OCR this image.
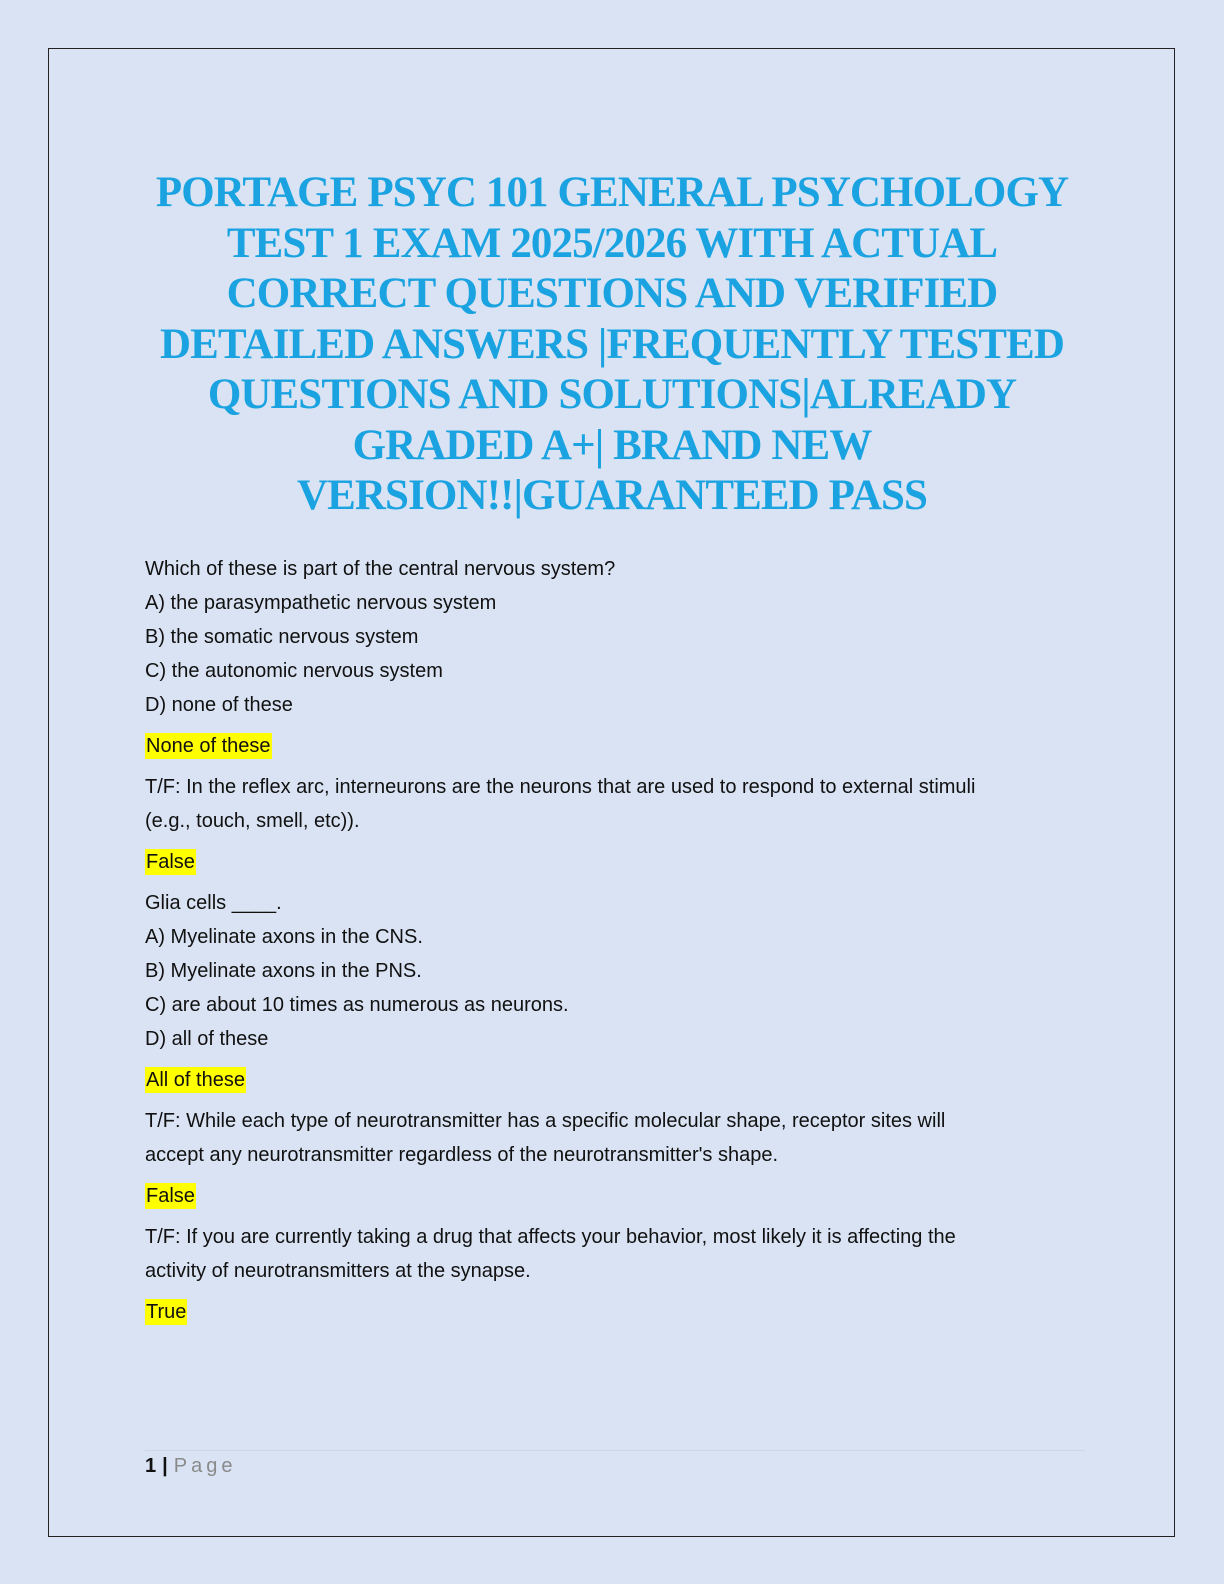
PORTAGE PSYC 101 GENERAL PSYCHOLOGY
TEST 1 EXAM 2025/2026 WITH ACTUAL
CORRECT QUESTIONS AND VERIFIED
DETAILED ANSWERS |FREQUENTLY TESTED
QUESTIONS AND SOLUTIONS|ALREADY
GRADED A+| BRAND NEW
VERSION!!|GUARANTEED PASS
Which of these is part of the central nervous system?
A) the parasympathetic nervous system
B) the somatic nervous system
C) the autonomic nervous system
D) none of these
None of these
T/F: In the reflex arc, interneurons are the neurons that are used to respond to external stimuli
(e.g., touch, smell, etc)).
False
Glia cells ____.
A) Myelinate axons in the CNS.
B) Myelinate axons in the PNS.
C) are about 10 times as numerous as neurons.
D) all of these
All of these
T/F: While each type of neurotransmitter has a specific molecular shape, receptor sites will
accept any neurotransmitter regardless of the neurotransmitter's shape.
False
T/F: If you are currently taking a drug that affects your behavior, most likely it is affecting the
activity of neurotransmitters at the synapse.
True
1 | Page
